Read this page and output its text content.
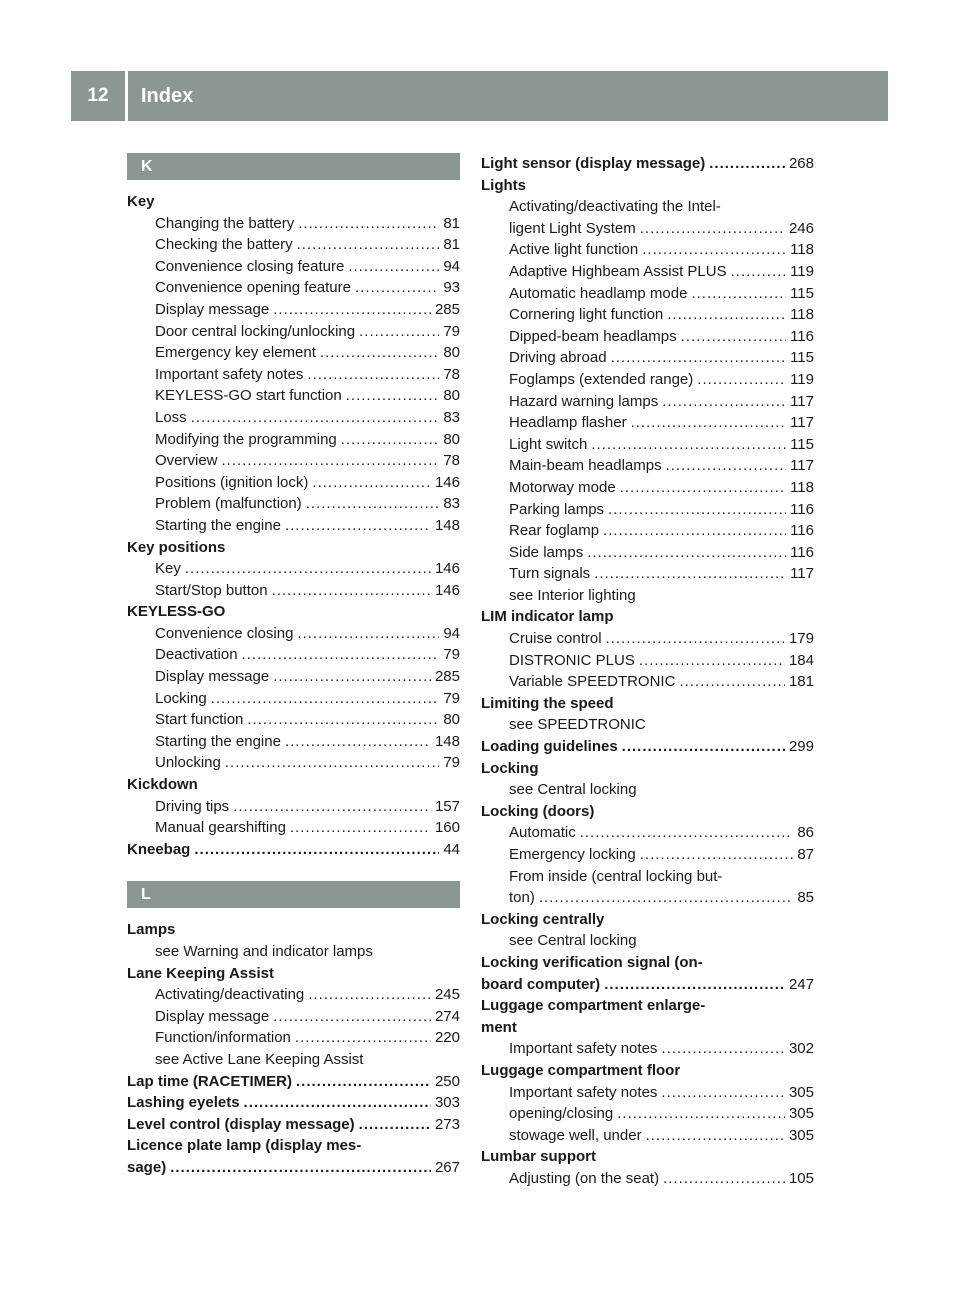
12	Index
K
Key
Changing the battery .....	81
Checking the battery .....	81
Convenience closing feature .....	94
Convenience opening feature .....	93
Display message .....	285
Door central locking/unlocking .....	79
Emergency key element .....	80
Important safety notes .....	78
KEYLESS-GO start function .....	80
Loss .....	83
Modifying the programming .....	80
Overview .....	78
Positions (ignition lock) .....	146
Problem (malfunction) .....	83
Starting the engine .....	148
Key positions
Key .....	146
Start/Stop button .....	146
KEYLESS-GO
Convenience closing .....	94
Deactivation .....	79
Display message .....	285
Locking .....	79
Start function .....	80
Starting the engine .....	148
Unlocking .....	79
Kickdown
Driving tips .....	157
Manual gearshifting .....	160
Kneebag .....	44
L
Lamps
see Warning and indicator lamps
Lane Keeping Assist
Activating/deactivating .....	245
Display message .....	274
Function/information .....	220
see Active Lane Keeping Assist
Lap time (RACETIMER) .....	250
Lashing eyelets .....	303
Level control (display message) .....	273
Licence plate lamp (display mes-
sage) .....	267
Light sensor (display message) .....	268
Lights
Activating/deactivating the Intel-
ligent Light System .....	246
Active light function .....	118
Adaptive Highbeam Assist PLUS .....	119
Automatic headlamp mode .....	115
Cornering light function .....	118
Dipped-beam headlamps .....	116
Driving abroad .....	115
Foglamps (extended range) .....	119
Hazard warning lamps .....	117
Headlamp flasher .....	117
Light switch .....	115
Main-beam headlamps .....	117
Motorway mode .....	118
Parking lamps .....	116
Rear foglamp .....	116
Side lamps .....	116
Turn signals .....	117
see Interior lighting
LIM indicator lamp
Cruise control .....	179
DISTRONIC PLUS .....	184
Variable SPEEDTRONIC .....	181
Limiting the speed
see SPEEDTRONIC
Loading guidelines .....	299
Locking
see Central locking
Locking (doors)
Automatic .....	86
Emergency locking .....	87
From inside (central locking but-
ton) .....	85
Locking centrally
see Central locking
Locking verification signal (on-
board computer) .....	247
Luggage compartment enlarge-
ment
Important safety notes .....	302
Luggage compartment floor
Important safety notes .....	305
opening/closing .....	305
stowage well, under .....	305
Lumbar support
Adjusting (on the seat) .....	105
